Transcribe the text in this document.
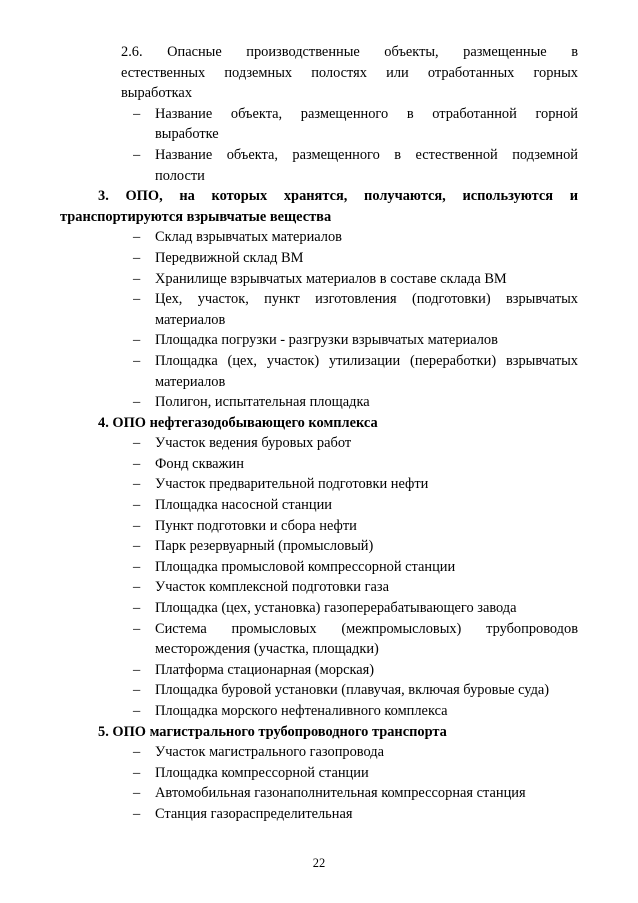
2.6. Опасные производственные объекты, размещенные в
естественных подземных полостях или отработанных горных
выработках
– Название объекта, размещенного в отработанной горной
выработке
– Название объекта, размещенного в естественной подземной
полости
3. ОПО, на которых хранятся, получаются, используются и
транспортируются взрывчатые вещества
– Склад взрывчатых материалов
– Передвижной склад ВМ
– Хранилище взрывчатых материалов в составе склада ВМ
– Цех, участок, пункт изготовления (подготовки) взрывчатых
материалов
– Площадка погрузки - разгрузки взрывчатых материалов
– Площадка (цех, участок) утилизации (переработки) взрывчатых
материалов
– Полигон, испытательная площадка
4. ОПО нефтегазодобывающего комплекса
– Участок ведения буровых работ
– Фонд скважин
– Участок предварительной подготовки нефти
– Площадка насосной станции
– Пункт подготовки и сбора нефти
– Парк резервуарный (промысловый)
– Площадка промысловой компрессорной станции
– Участок комплексной подготовки газа
– Площадка (цех, установка) газоперерабатывающего завода
– Система промысловых (межпромысловых) трубопроводов
месторождения (участка, площадки)
– Платформа стационарная (морская)
– Площадка буровой установки (плавучая, включая буровые суда)
– Площадка морского нефтеналивного комплекса
5. ОПО магистрального трубопроводного транспорта
– Участок магистрального газопровода
– Площадка компрессорной станции
– Автомобильная газонаполнительная компрессорная станция
– Станция газораспределительная
22
